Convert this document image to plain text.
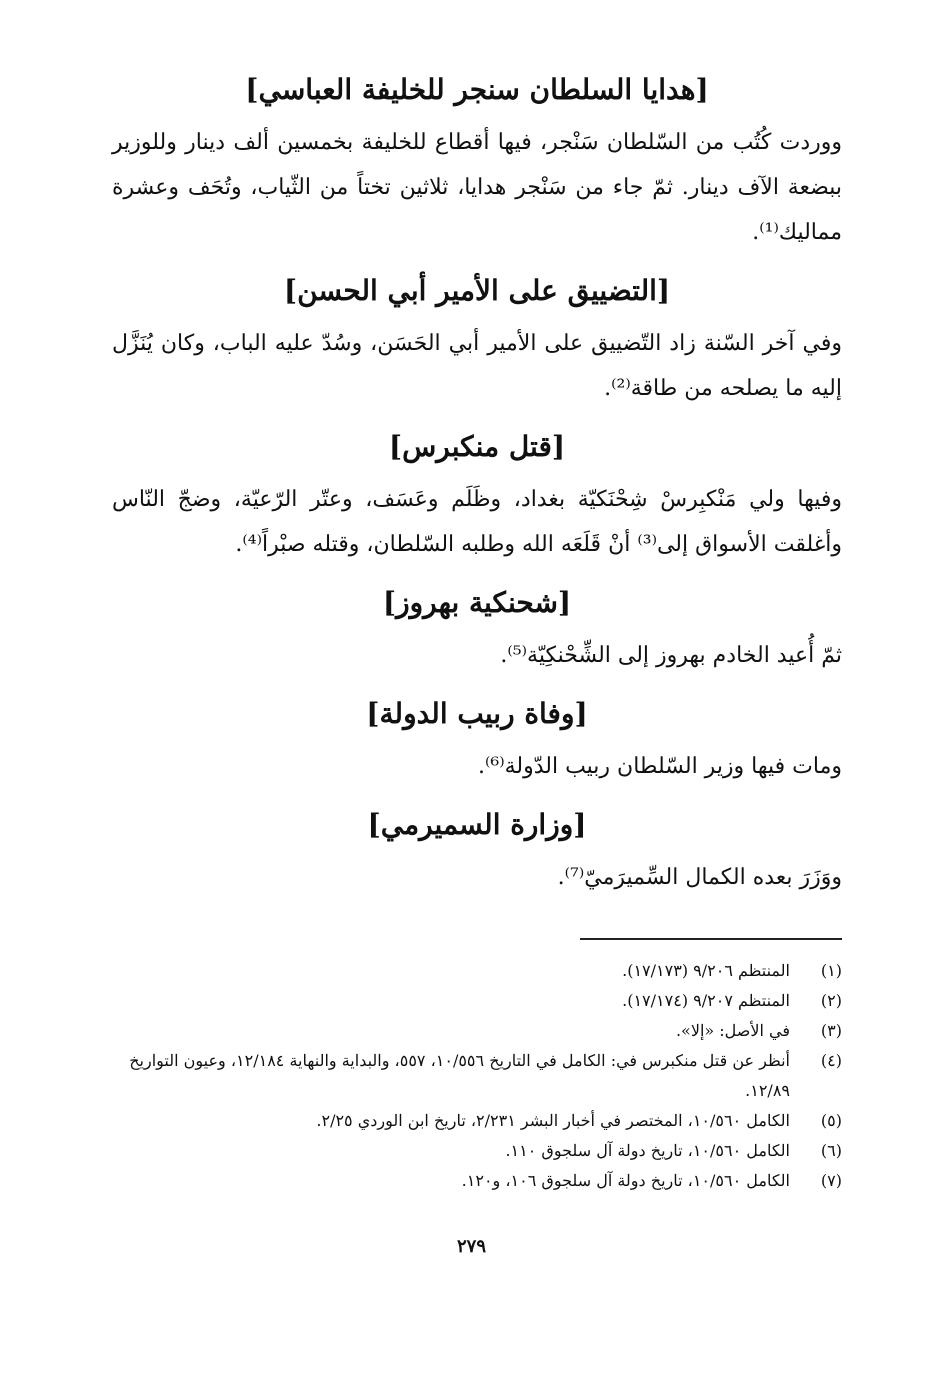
[هدايا السلطان سنجر للخليفة العباسي]

ووردت كُتُب من السّلطان سَنْجر، فيها أقطاع للخليفة بخمسين ألف دينار وللوزير ببضعة الآف دينار. ثمّ جاء من سَنْجر هدايا، ثلاثين تختاً من الثّياب، وتُحَف وعشرة مماليك⁽¹⁾.

[التضييق على الأمير أبي الحسن]

وفي آخر السّنة زاد التّضييق على الأمير أبي الحَسَن، وسُدّ عليه الباب، وكان يُنَزَّل إليه ما يصلحه من طاقة⁽²⁾.

[قتل منكبرس]

وفيها ولي مَنْكبِرسْ شِحْنَكيّة بغداد، وظَلَم وعَسَف، وعتّر الرّعيّة، وضجّ النّاس وأغلقت الأسواق إلى⁽³⁾ أنْ قَلَعَه الله وطلبه السّلطان، وقتله صبْراً⁽⁴⁾.

[شحنكية بهروز]

ثمّ أُعيد الخادم بهروز إلى الشِّحْنكِيّة⁽⁵⁾.

[وفاة ربيب الدولة]

ومات فيها وزير السّلطان ربيب الدّولة⁽⁶⁾.

[وزارة السميرمي]

ووَزَرَ بعده الكمال السِّميرَميّ⁽⁷⁾.

(١)
المنتظم ٩/٢٠٦ (١٧/١٧٣).
(٢)
المنتظم ٩/٢٠٧ (١٧/١٧٤).
(٣)
في الأصل: «إلا».
(٤)
أنظر عن قتل منكبرس في: الكامل في التاريخ ١٠/٥٥٦، ٥٥٧، والبداية والنهاية ١٢/١٨٤، وعيون التواريخ ١٢/٨٩.
(٥)
الكامل ١٠/٥٦٠، المختصر في أخبار البشر ٢/٢٣١، تاريخ ابن الوردي ٢/٢٥.
(٦)
الكامل ١٠/٥٦٠، تاريخ دولة آل سلجوق ١١٠.
(٧)
الكامل ١٠/٥٦٠، تاريخ دولة آل سلجوق ١٠٦، و١٢٠.
٢٧٩
